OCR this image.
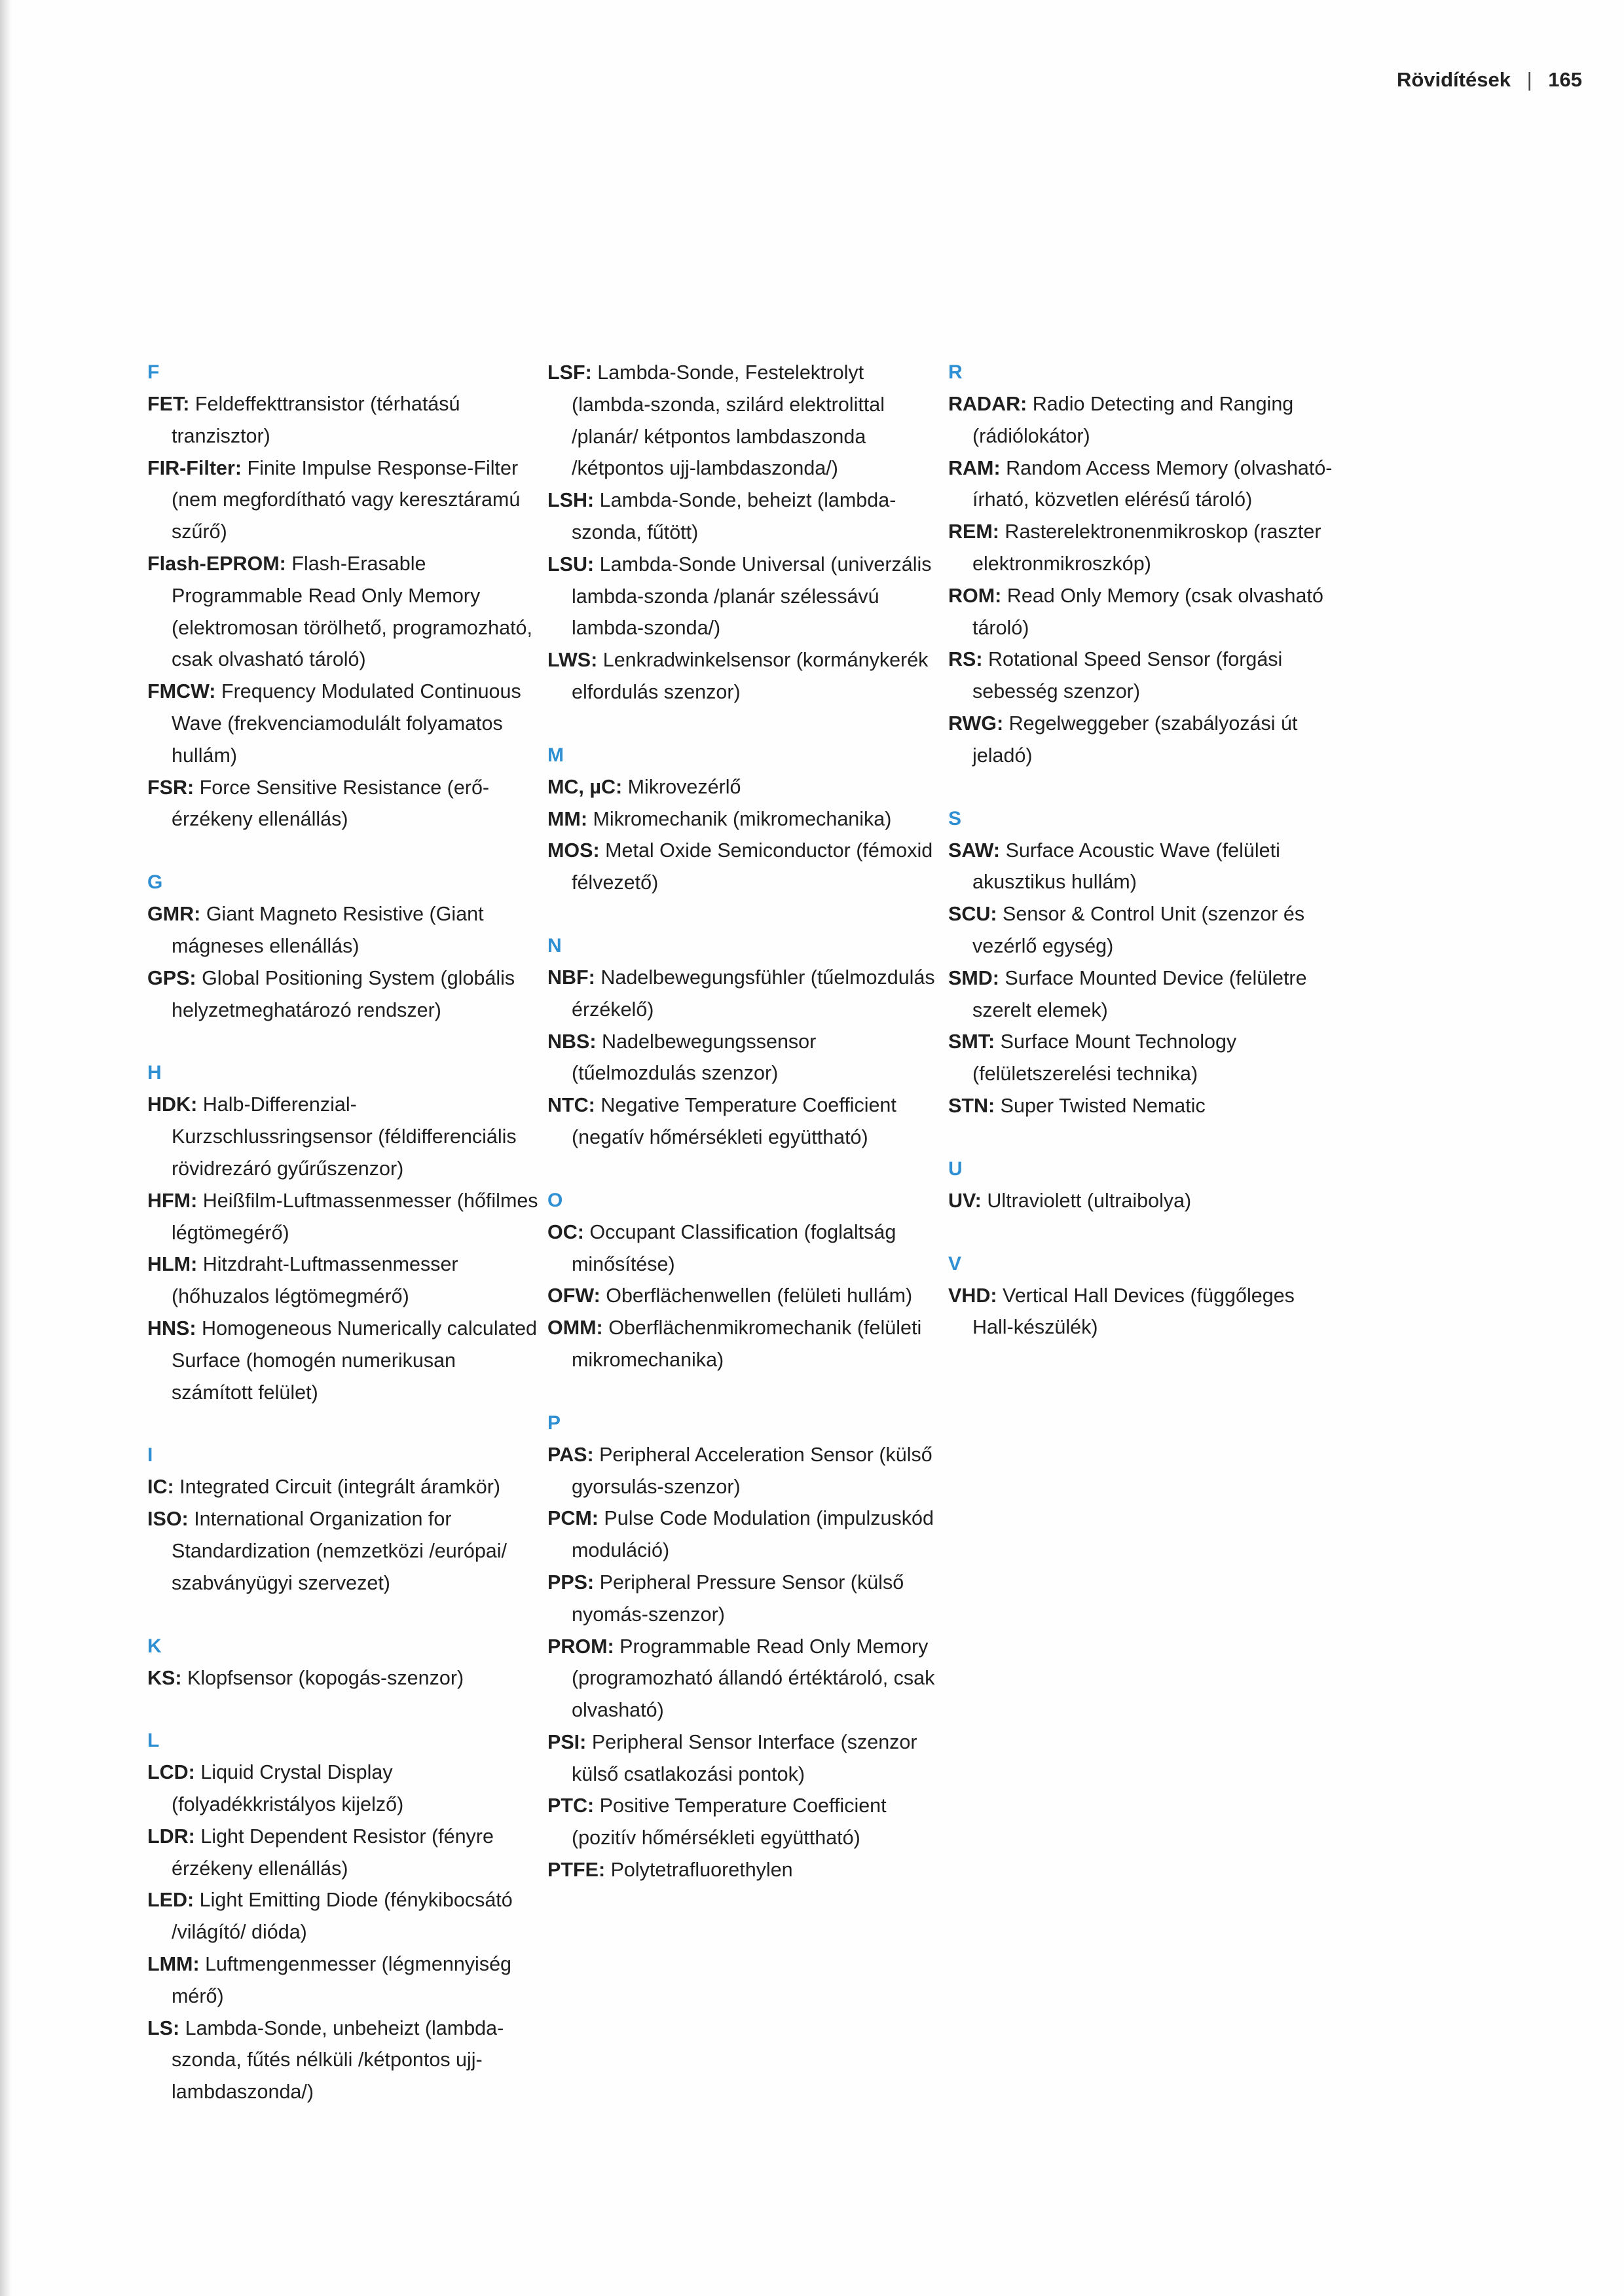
Rövidítések | 165
F
FET: Feldeffekttransistor (térhatású tranzisztor)
FIR-Filter: Finite Impulse Response-Filter (nem megfordítható vagy keresztáramú szűrő)
Flash-EPROM: Flash-Erasable Programmable Read Only Memory (elektromosan törölhető, programozható, csak olvasható tároló)
FMCW: Frequency Modulated Continuous Wave (frekvenciamodulált folyamatos hullám)
FSR: Force Sensitive Resistance (erő-érzékeny ellenállás)
G
GMR: Giant Magneto Resistive (Giant mágneses ellenállás)
GPS: Global Positioning System (globális helyzetmeghatározó rendszer)
H
HDK: Halb-Differenzial-Kurzschlussringsensor (féldifferenciális rövidrezáró gyűrűszenzor)
HFM: Heißfilm-Luftmassenmesser (hőfilmes légtömegérő)
HLM: Hitzdraht-Luftmassenmesser (hőhuzalos légtömegmérő)
HNS: Homogeneous Numerically calculated Surface (homogén numerikusan számított felület)
I
IC: Integrated Circuit (integrált áramkör)
ISO: International Organization for Standardization (nemzetközi /európai/ szabványügyi szervezet)
K
KS: Klopfsensor (kopogás-szenzor)
L
LCD: Liquid Crystal Display (folyadékkristályos kijelző)
LDR: Light Dependent Resistor (fényre érzékeny ellenállás)
LED: Light Emitting Diode (fénykibocsátó /világító/ dióda)
LMM: Luftmengenmesser (légmennyiség mérő)
LS: Lambda-Sonde, unbeheizt (lambda-szonda, fűtés nélküli /kétpontos ujj-lambdaszonda/)
LSF: Lambda-Sonde, Festelektrolyt (lambda-szonda, szilárd elektrolittal /planár/ kétpontos lambdaszonda /kétpontos ujj-lambdaszonda/)
LSH: Lambda-Sonde, beheizt (lambda-szonda, fűtött)
LSU: Lambda-Sonde Universal (univerzális lambda-szonda /planár szélessávú lambda-szonda/)
LWS: Lenkradwinkelsensor (kormánykerék elfordulás szenzor)
M
MC, µC: Mikrovezérlő
MM: Mikromechanik (mikromechanika)
MOS: Metal Oxide Semiconductor (fémoxid félvezető)
N
NBF: Nadelbewegungsfühler (tűelmozdulás érzékelő)
NBS: Nadelbewegungssensor (tűelmozdulás szenzor)
NTC: Negative Temperature Coefficient (negatív hőmérsékleti együttható)
O
OC: Occupant Classification (foglaltság minősítése)
OFW: Oberflächenwellen (felületi hullám)
OMM: Oberflächenmikromechanik (felületi mikromechanika)
P
PAS: Peripheral Acceleration Sensor (külső gyorsulás-szenzor)
PCM: Pulse Code Modulation (impulzuskód moduláció)
PPS: Peripheral Pressure Sensor (külső nyomás-szenzor)
PROM: Programmable Read Only Memory (programozható állandó értéktároló, csak olvasható)
PSI: Peripheral Sensor Interface (szenzor külső csatlakozási pontok)
PTC: Positive Temperature Coefficient (pozitív hőmérsékleti együttható)
PTFE: Polytetrafluorethylen
R
RADAR: Radio Detecting and Ranging (rádiólokátor)
RAM: Random Access Memory (olvasható-írható, közvetlen elérésű tároló)
REM: Rasterelektronenmikroskop (raszter elektronmikroszkóp)
ROM: Read Only Memory (csak olvasható tároló)
RS: Rotational Speed Sensor (forgási sebesség szenzor)
RWG: Regelweggeber (szabályozási út jeladó)
S
SAW: Surface Acoustic Wave (felületi akusztikus hullám)
SCU: Sensor & Control Unit (szenzor és vezérlő egység)
SMD: Surface Mounted Device (felületre szerelt elemek)
SMT: Surface Mount Technology (felületszerelési technika)
STN: Super Twisted Nematic
U
UV: Ultraviolett (ultraibolya)
V
VHD: Vertical Hall Devices (függőleges Hall-készülék)
